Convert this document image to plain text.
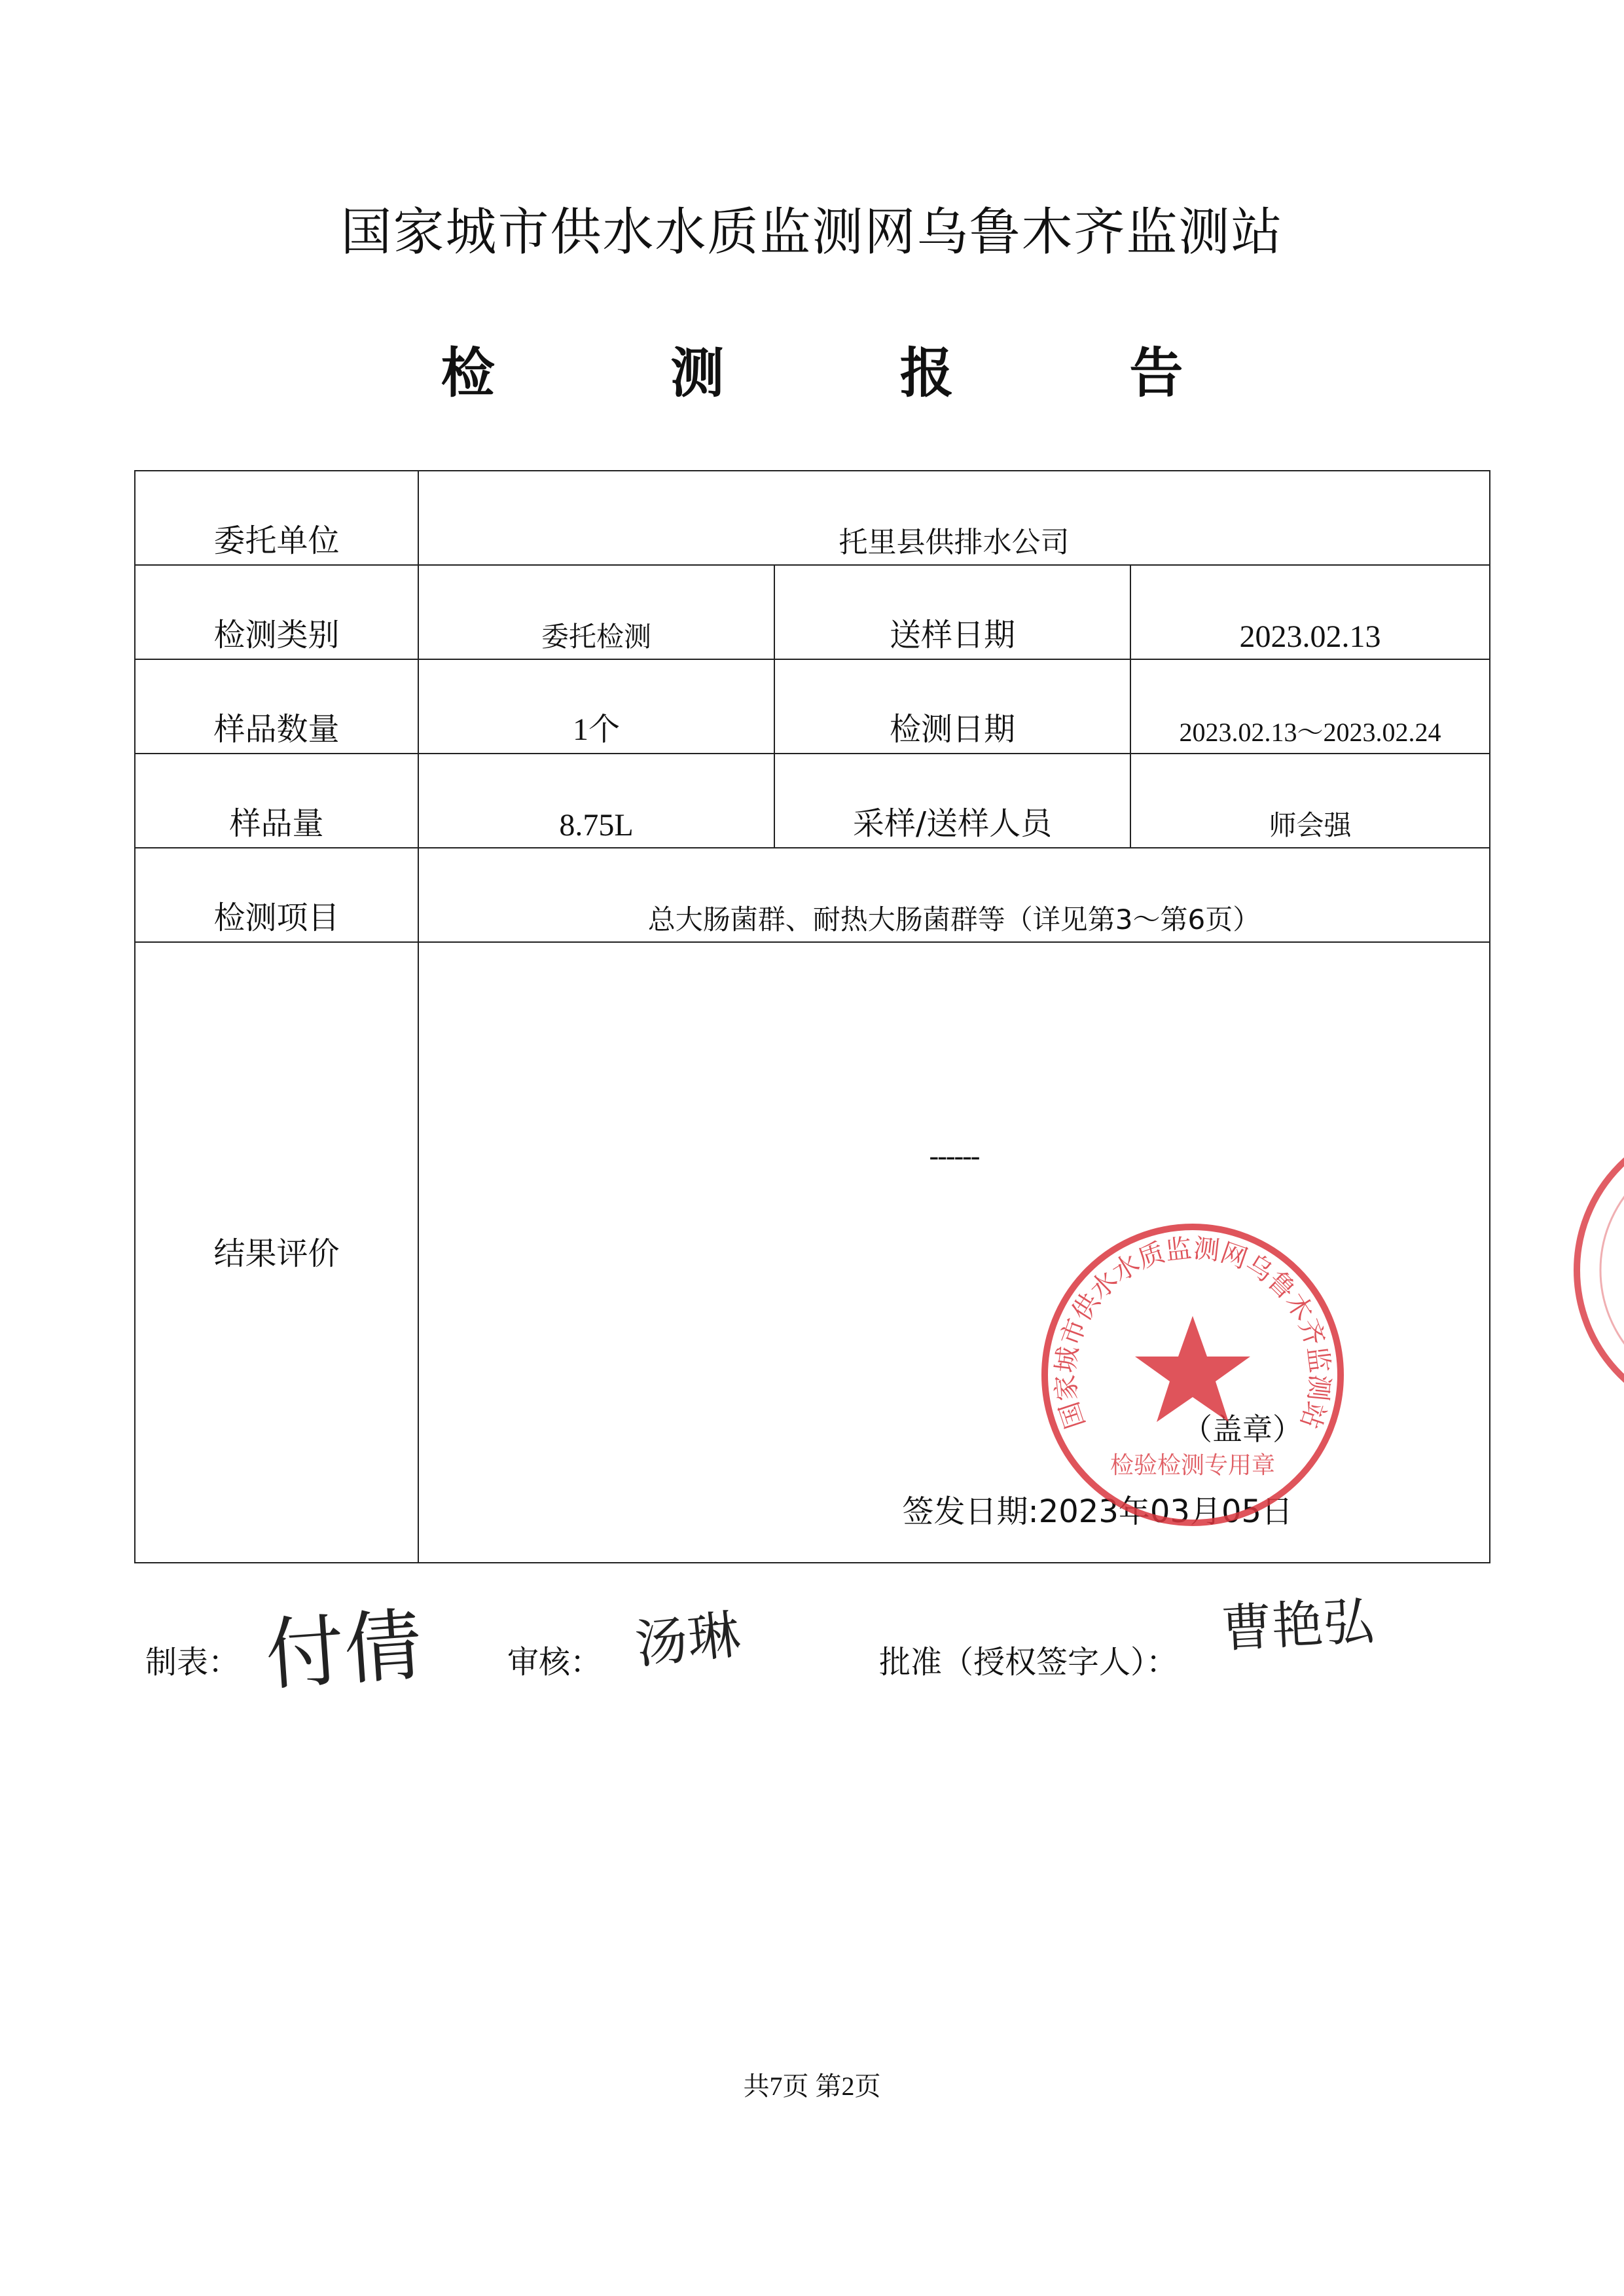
国家城市供水水质监测网乌鲁木齐监测站
检 测 报 告
委托单位	托里县供排水公司		
检测类别	委托检测	送样日期	2023.02.13
样品数量	1个	检测日期	2023.02.13～2023.02.24
样品量	8.75L	采样/送样人员	师会强
检测项目	总大肠菌群、耐热大肠菌群等（详见第3～第6页）		
结果评价	------
（盖章）
签发日期:2023年03月05日		
国家城市供水水质监测网乌鲁木齐监测站
检验检测专用章
制表： 付倩	审核： 汤琳	批准（授权签字人）：
曹艳弘
共7页 第2页
